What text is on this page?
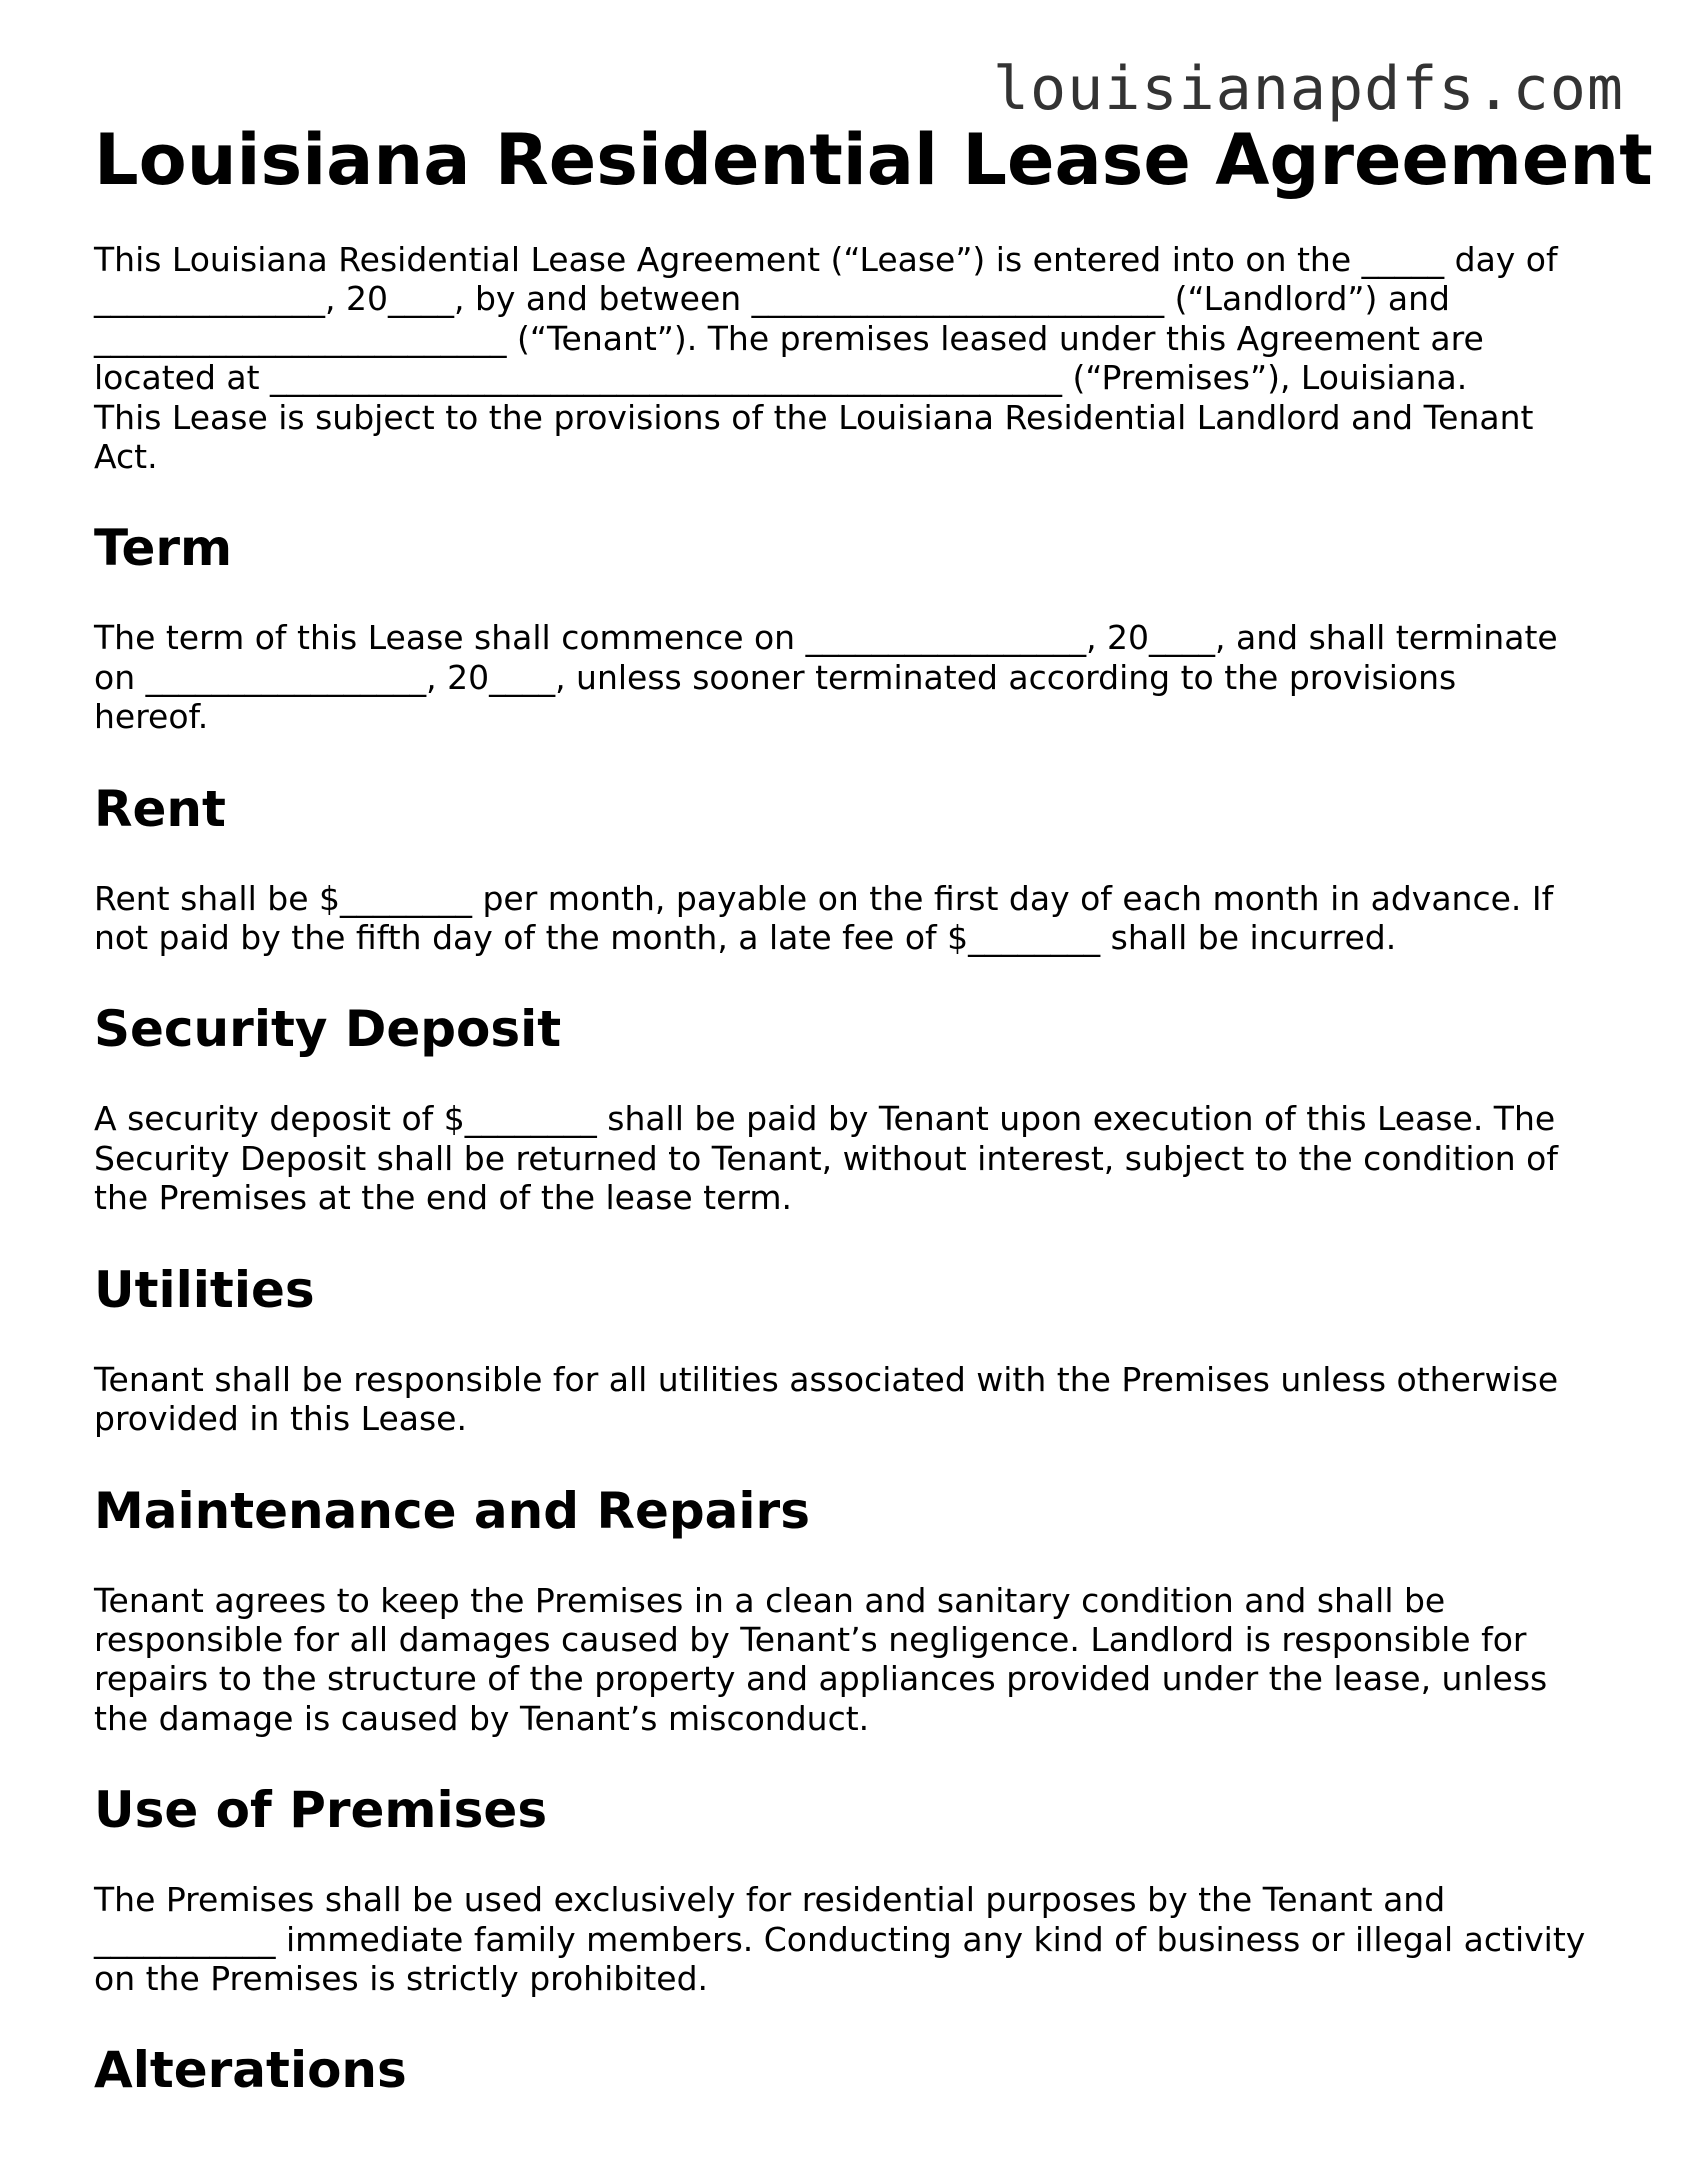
louisianapdfs.com
Louisiana Residential Lease Agreement

This Louisiana Residential Lease Agreement (“Lease”) is entered into on the _____ day of
______________, 20____, by and between _________________________ (“Landlord”) and
_________________________ (“Tenant”). The premises leased under this Agreement are
located at ________________________________________________ (“Premises”), Louisiana.
This Lease is subject to the provisions of the Louisiana Residential Landlord and Tenant
Act.

Term

The term of this Lease shall commence on _________________, 20____, and shall terminate
on _________________, 20____, unless sooner terminated according to the provisions
hereof.

Rent

Rent shall be $________ per month, payable on the first day of each month in advance. If
not paid by the fifth day of the month, a late fee of $________ shall be incurred.

Security Deposit

A security deposit of $________ shall be paid by Tenant upon execution of this Lease. The
Security Deposit shall be returned to Tenant, without interest, subject to the condition of
the Premises at the end of the lease term.

Utilities

Tenant shall be responsible for all utilities associated with the Premises unless otherwise
provided in this Lease.

Maintenance and Repairs

Tenant agrees to keep the Premises in a clean and sanitary condition and shall be
responsible for all damages caused by Tenant’s negligence. Landlord is responsible for
repairs to the structure of the property and appliances provided under the lease, unless
the damage is caused by Tenant’s misconduct.

Use of Premises

The Premises shall be used exclusively for residential purposes by the Tenant and
___________ immediate family members. Conducting any kind of business or illegal activity
on the Premises is strictly prohibited.

Alterations
